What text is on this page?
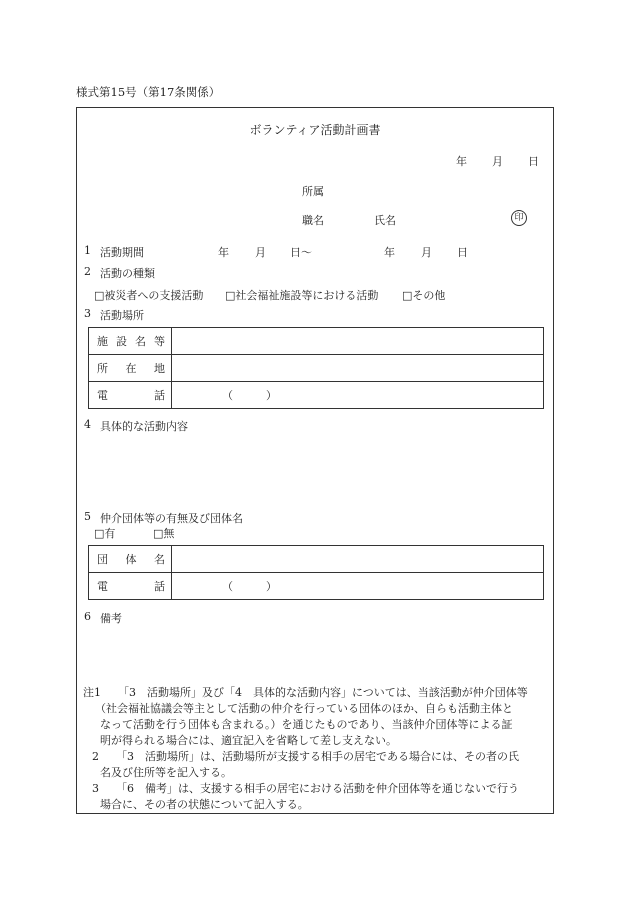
様式第15号（第17条関係）
ボランティア活動計画書
年 月 日
所属
職名	氏名	印
1 活動期間	年 月 日～	年 月 日
2 活動の種類
□ 被災者への支援活動	□ 社会福祉施設等における活動	□ その他
3 活動場所
施 設 名 等	

所 在 地	

電 話	（　　　）
4 具体的な活動内容
5 仲介団体等の有無及び団体名
□ 有	□ 無
団 体 名	

電 話	（　　　）
6 備考
注1 「3　活動場所」及び「4　具体的な活動内容」については、当該活動が仲介団体等
（社会福祉協議会等主として活動の仲介を行っている団体のほか、自らも活動主体と
なって活動を行う団体も含まれる。）を通じたものであり、当該仲介団体等による証
明が得られる場合には、適宜記入を省略して差し支えない。
2 「3　活動場所」は、活動場所が支援する相手の居宅である場合には、その者の氏
名及び住所等を記入する。
3 「6　備考」は、支援する相手の居宅における活動を仲介団体等を通じないで行う
場合に、その者の状態について記入する。
